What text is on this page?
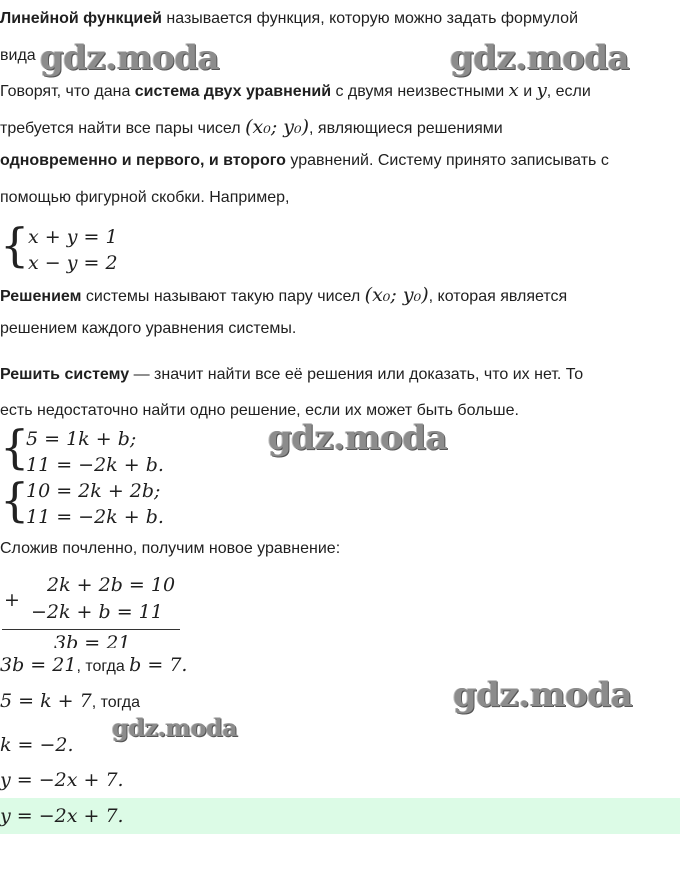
Линейной функцией называется функция, которую можно задать формулой
вида
Говорят, что дана система двух уравнений с двумя неизвестными x и y, если
требуется найти все пары чисел (x₀; y₀), являющиеся решениями
одновременно и первого, и второго уравнений. Систему принято записывать с
помощью фигурной скобки. Например,
{
x + y = 1
x − y = 2
Решением системы называют такую пару чисел (x₀; y₀), которая является
решением каждого уравнения системы.
Решить систему — значит найти все её решения или доказать, что их нет. То
есть недостаточно найти одно решение, если их может быть больше.
{
5 = 1k + b;
11 = −2k + b.
{
10 = 2k + 2b;
11 = −2k + b.
Сложив почленно, получим новое уравнение:
+
2k + 2b = 10
−2k + b = 11
3b = 21
3b = 21, тогда b = 7.
5 = k + 7, тогда
k = −2.
y = −2x + 7.
y = −2x + 7.
gdz.moda	gdz.moda
gdz.moda
gdz.moda
gdz.moda
